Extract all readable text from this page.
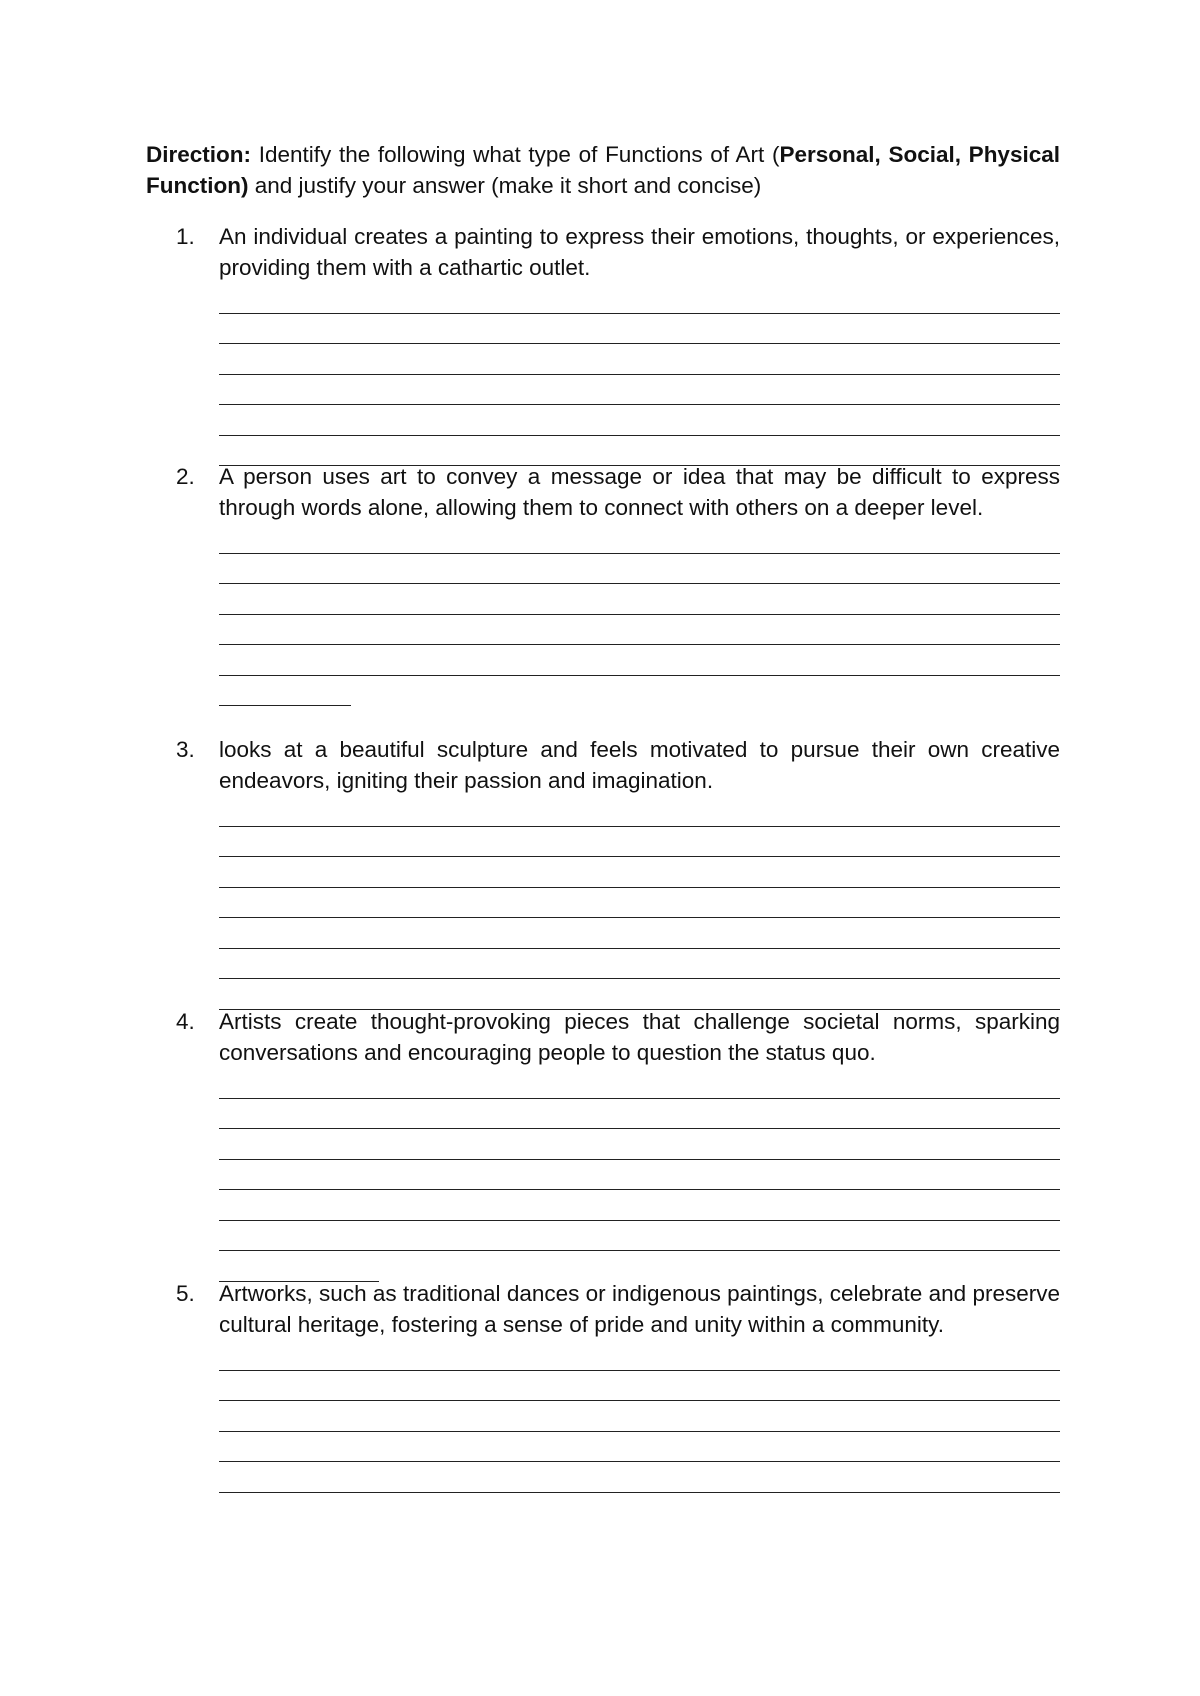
Direction: Identify the following what type of Functions of Art (Personal, Social, Physical Function) and justify your answer (make it short and concise)

1.	An individual creates a painting to express their emotions, thoughts, or experiences, providing them with a cathartic outlet.

2.	A person uses art to convey a message or idea that may be difficult to express through words alone, allowing them to connect with others on a deeper level.

3.	looks at a beautiful sculpture and feels motivated to pursue their own creative endeavors, igniting their passion and imagination.

4.	Artists create thought-provoking pieces that challenge societal norms, sparking conversations and encouraging people to question the status quo.

5.	Artworks, such as traditional dances or indigenous paintings, celebrate and preserve cultural heritage, fostering a sense of pride and unity within a community.
